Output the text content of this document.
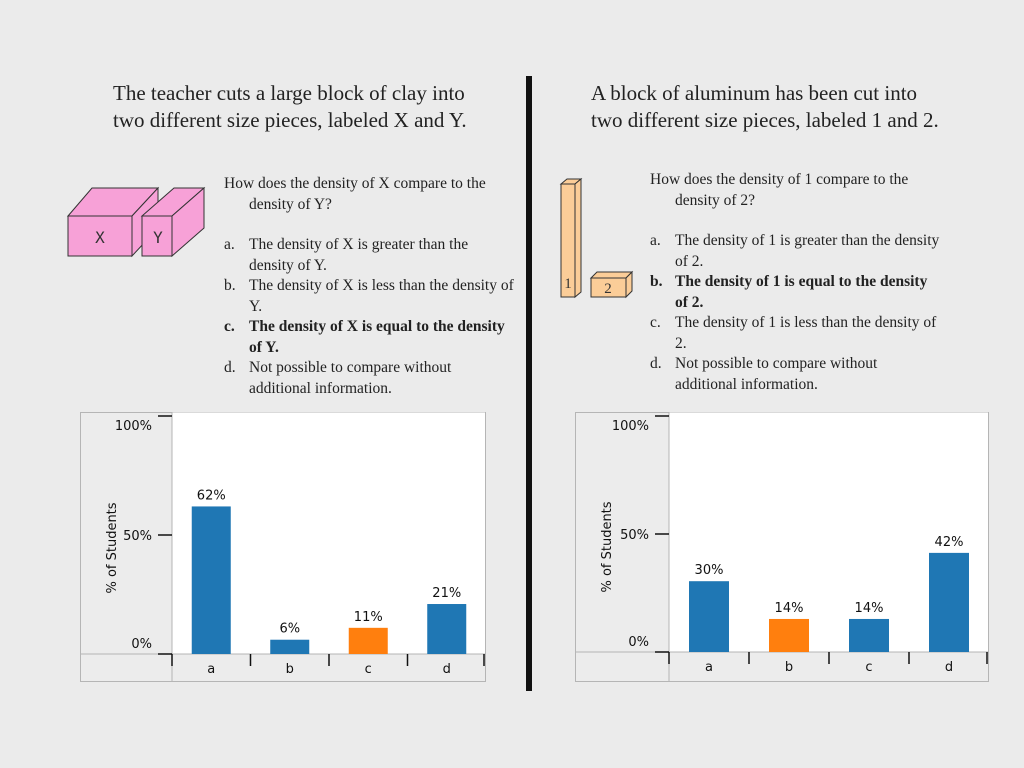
The teacher cuts a large block of clay into
two different size pieces, labeled X and Y.
A block of aluminum has been cut into
two different size pieces, labeled 1 and 2.
X	Y
1 2
How does the density of X compare to the density of Y?
a. The density of X is greater than the density of Y.
b. The density of X is less than the density of Y.
c. The density of X is equal to the density of Y.
d. Not possible to compare without additional information.
How does the density of 1 compare to the density of 2?
a. The density of 1 is greater than the density of 2.
b. The density of 1 is equal to the density of 2.
c. The density of 1 is less than the density of 2.
d. Not possible to compare without additional information.
0%
50%
100%
% of Students
62%
a
6%
b
11%
c
21%
d
0%
50%
100%
% of Students	30%
a
14%
b
14%
c
42%
d
